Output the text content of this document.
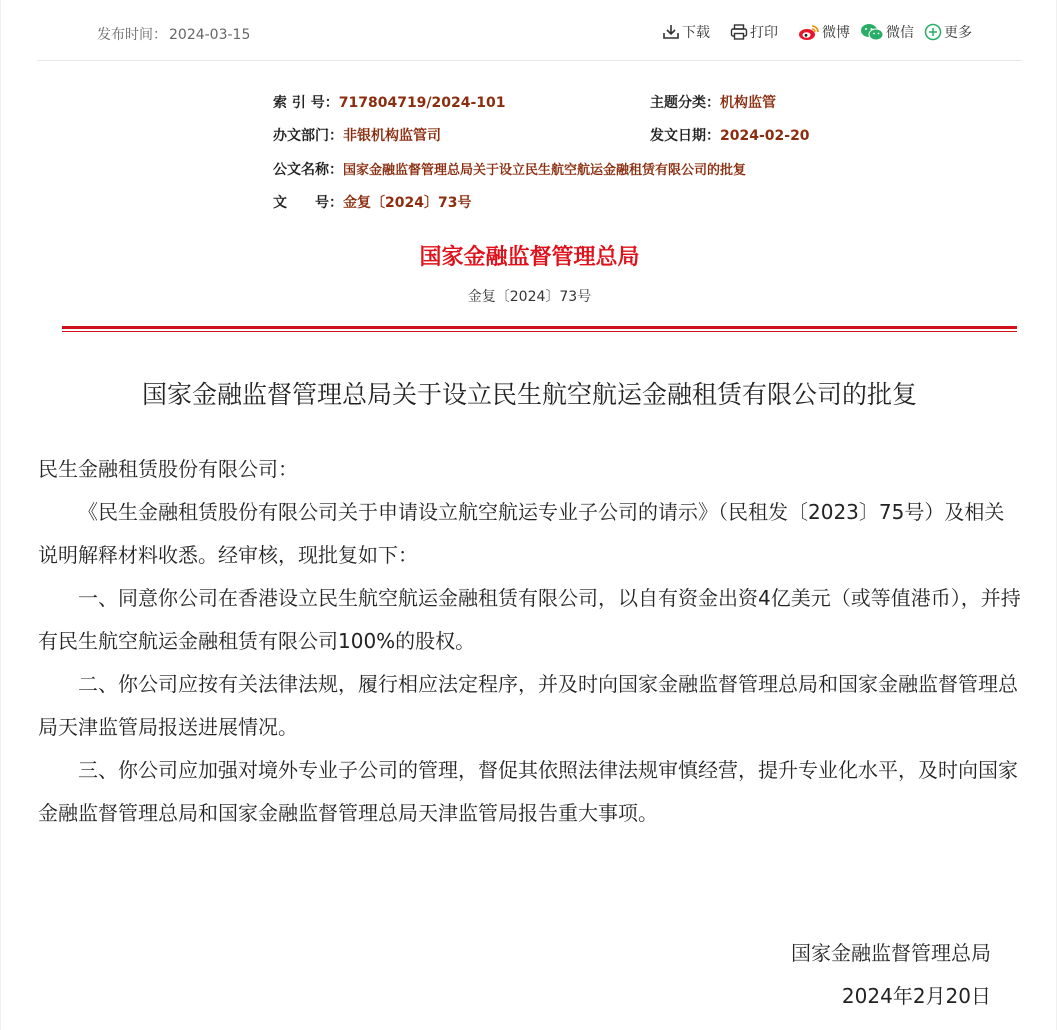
发布时间： 2024-03-15	下载	打印	微博	微信 更多
索 引 号：717804719/2024-101	主题分类：机构监管
办文部门：非银机构监管司	发文日期：2024-02-20
公文名称：国家金融监督管理总局关于设立民生航空航运金融租赁有限公司的批复
文　　号：金复〔2024〕73号
国家金融监督管理总局
金复〔2024〕73号
国家金融监督管理总局关于设立民生航空航运金融租赁有限公司的批复

民生金融租赁股份有限公司：

《民生金融租赁股份有限公司关于申请设立航空航运专业子公司的请示》（民租发〔2023〕75号）及相关说明解释材料收悉。经审核，现批复如下：

一、同意你公司在香港设立民生航空航运金融租赁有限公司，以自有资金出资4亿美元（或等值港币），并持有民生航空航运金融租赁有限公司100%的股权。

二、你公司应按有关法律法规，履行相应法定程序，并及时向国家金融监督管理总局和国家金融监督管理总局天津监管局报送进展情况。

三、你公司应加强对境外专业子公司的管理，督促其依照法律法规审慎经营，提升专业化水平，及时向国家金融监督管理总局和国家金融监督管理总局天津监管局报告重大事项。

国家金融监督管理总局
2024年2月20日
